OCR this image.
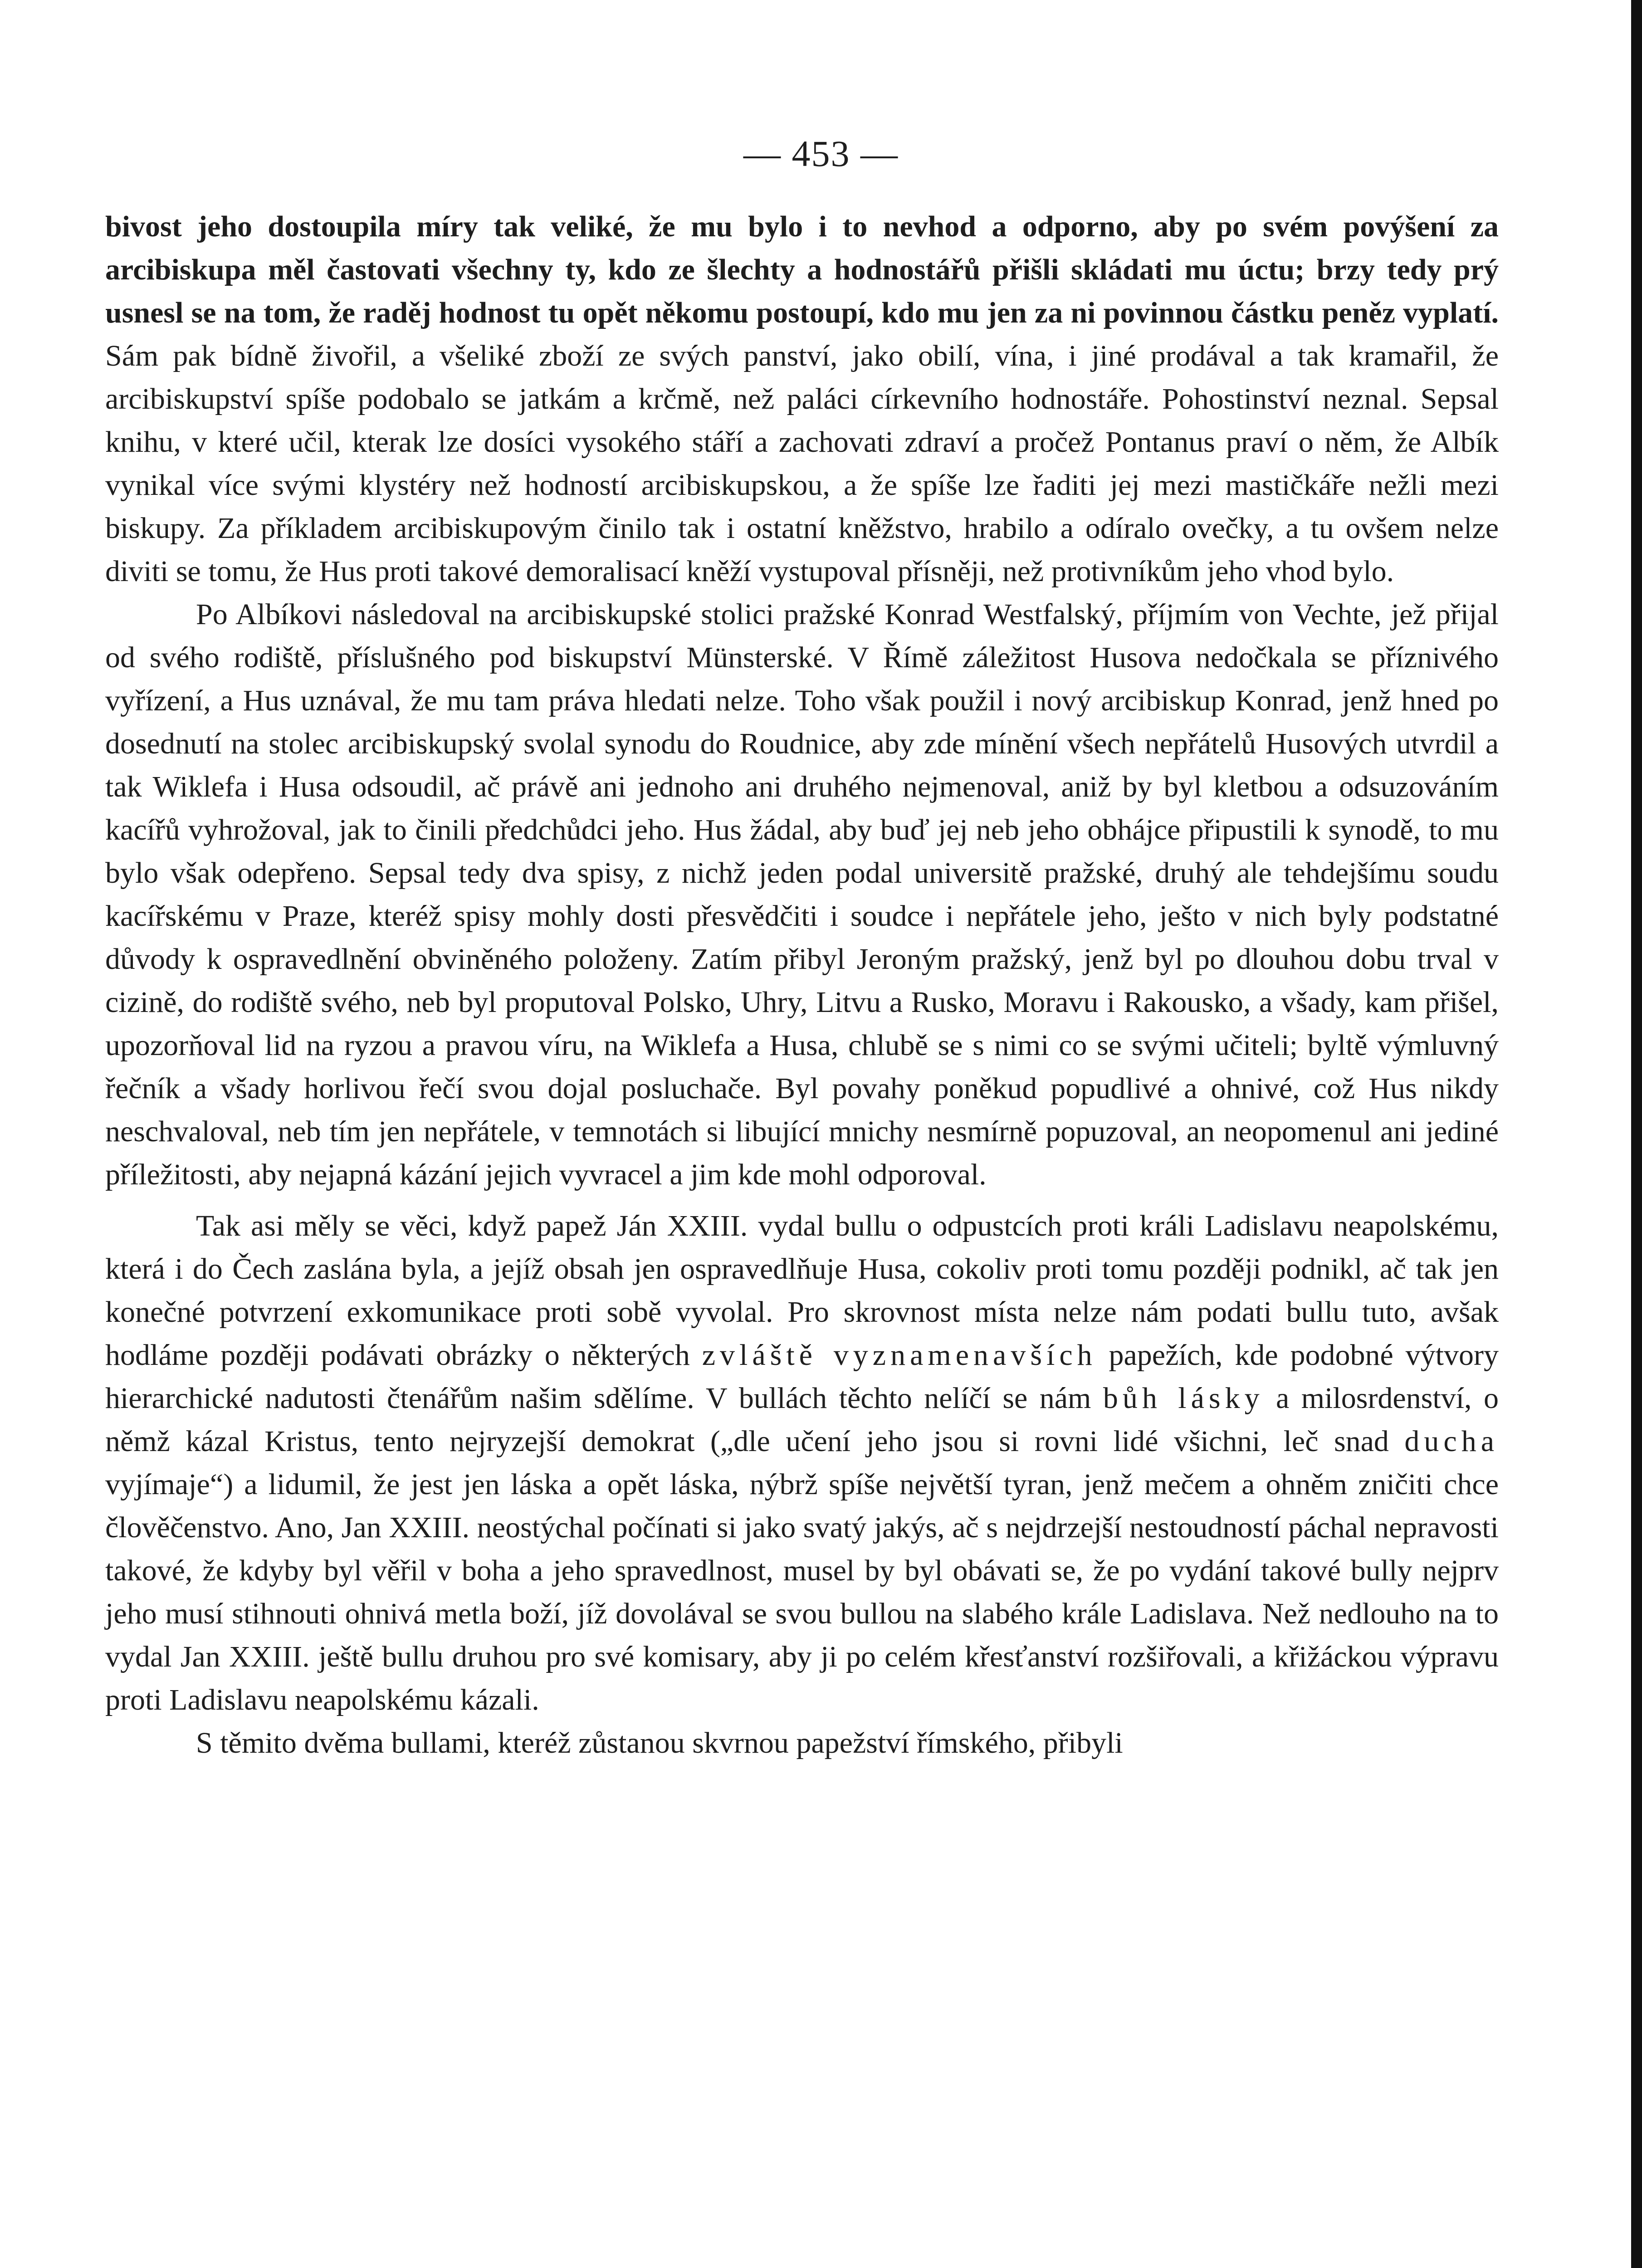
— 453 —

bivost jeho dostoupila míry tak veliké, že mu bylo i to nevhod a odporno, aby po svém povýšení za arcibiskupa měl častovati všechny ty, kdo ze šlechty a hodnostářů přišli skládati mu úctu; brzy tedy prý usnesl se na tom, že raděj hodnost tu opět někomu postoupí, kdo mu jen za ni povinnou částku peněz vyplatí. Sám pak bídně živořil, a všeliké zboží ze svých panství, jako obilí, vína, i jiné prodával a tak kramařil, že arcibiskupství spíše podobalo se jatkám a krčmě, než paláci církevního hodnostáře. Pohostinství neznal. Sepsal knihu, v které učil, kterak lze dosíci vysokého stáří a zachovati zdraví a pročež Pontanus praví o něm, že Albík vynikal více svými klystéry než hodností arcibiskupskou, a že spíše lze řaditi jej mezi mastičkáře nežli mezi biskupy. Za příkladem arcibiskupovým činilo tak i ostatní kněžstvo, hrabilo a odíralo ovečky, a tu ovšem nelze diviti se tomu, že Hus proti takové demoralisací kněží vystupoval přísněji, než protivníkům jeho vhod bylo.

Po Albíkovi následoval na arcibiskupské stolici pražské Konrad Westfalský, příjmím von Vechte, jež přijal od svého rodiště, příslušného pod biskupství Münsterské. V Římě záležitost Husova nedočkala se příznivého vyřízení, a Hus uznával, že mu tam práva hledati nelze. Toho však použil i nový arcibiskup Konrad, jenž hned po dosednutí na stolec arcibiskupský svolal synodu do Roudnice, aby zde mínění všech nepřátelů Husových utvrdil a tak Wiklefa i Husa odsoudil, ač právě ani jednoho ani druhého nejmenoval, aniž by byl kletbou a odsuzováním kacířů vyhrožoval, jak to činili předchůdci jeho. Hus žádal, aby buď jej neb jeho obhájce připustili k synodě, to mu bylo však odepřeno. Sepsal tedy dva spisy, z nichž jeden podal universitě pražské, druhý ale tehdejšímu soudu kacířskému v Praze, kteréž spisy mohly dosti přesvědčiti i soudce i nepřátele jeho, ješto v nich byly podstatné důvody k ospravedlnění obviněného položeny. Zatím přibyl Jeroným pražský, jenž byl po dlouhou dobu trval v cizině, do rodiště svého, neb byl proputoval Polsko, Uhry, Litvu a Rusko, Moravu i Rakousko, a všady, kam přišel, upozorňoval lid na ryzou a pravou víru, na Wiklefa a Husa, chlubě se s nimi co se svými učiteli; byltě výmluvný řečník a všady horlivou řečí svou dojal posluchače. Byl povahy poněkud popudlivé a ohnivé, což Hus nikdy neschvaloval, neb tím jen nepřátele, v temnotách si libující mnichy nesmírně popuzoval, an neopomenul ani jediné příležitosti, aby nejapná kázání jejich vyvracel a jim kde mohl odporoval.

Tak asi měly se věci, když papež Ján XXIII. vydal bullu o odpustcích proti králi Ladislavu neapolskému, která i do Čech zaslána byla, a jejíž obsah jen ospravedlňuje Husa, cokoliv proti tomu později podnikl, ač tak jen konečné potvrzení exkomunikace proti sobě vyvolal. Pro skrovnost místa nelze nám podati bullu tuto, avšak hodláme později podávati obrázky o některých zvláště vyznamenavších papežích, kde podobné výtvory hierarchické nadutosti čtenářům našim sdělíme. V bullách těchto nelíčí se nám bůh lásky a milosrdenství, o němž kázal Kristus, tento nejryzejší demokrat („dle učení jeho jsou si rovni lidé všichni, leč snad ducha vyjímaje“) a lidumil, že jest jen láska a opět láska, nýbrž spíše největší tyran, jenž mečem a ohněm zničiti chce člověčenstvo. Ano, Jan XXIII. neostýchal počínati si jako svatý jakýs, ač s nejdrzejší nestoudností páchal nepravosti takové, že kdyby byl věřil v boha a jeho spravedlnost, musel by byl obávati se, že po vydání takové bully nejprv jeho musí stihnouti ohnivá metla boží, jíž dovolával se svou bullou na slabého krále Ladislava. Než nedlouho na to vydal Jan XXIII. ještě bullu druhou pro své komisary, aby ji po celém křesťanství rozšiřovali, a křižáckou výpravu proti Ladislavu neapolskému kázali.

S těmito dvěma bullami, kteréž zůstanou skvrnou papežství římského, přibyli
